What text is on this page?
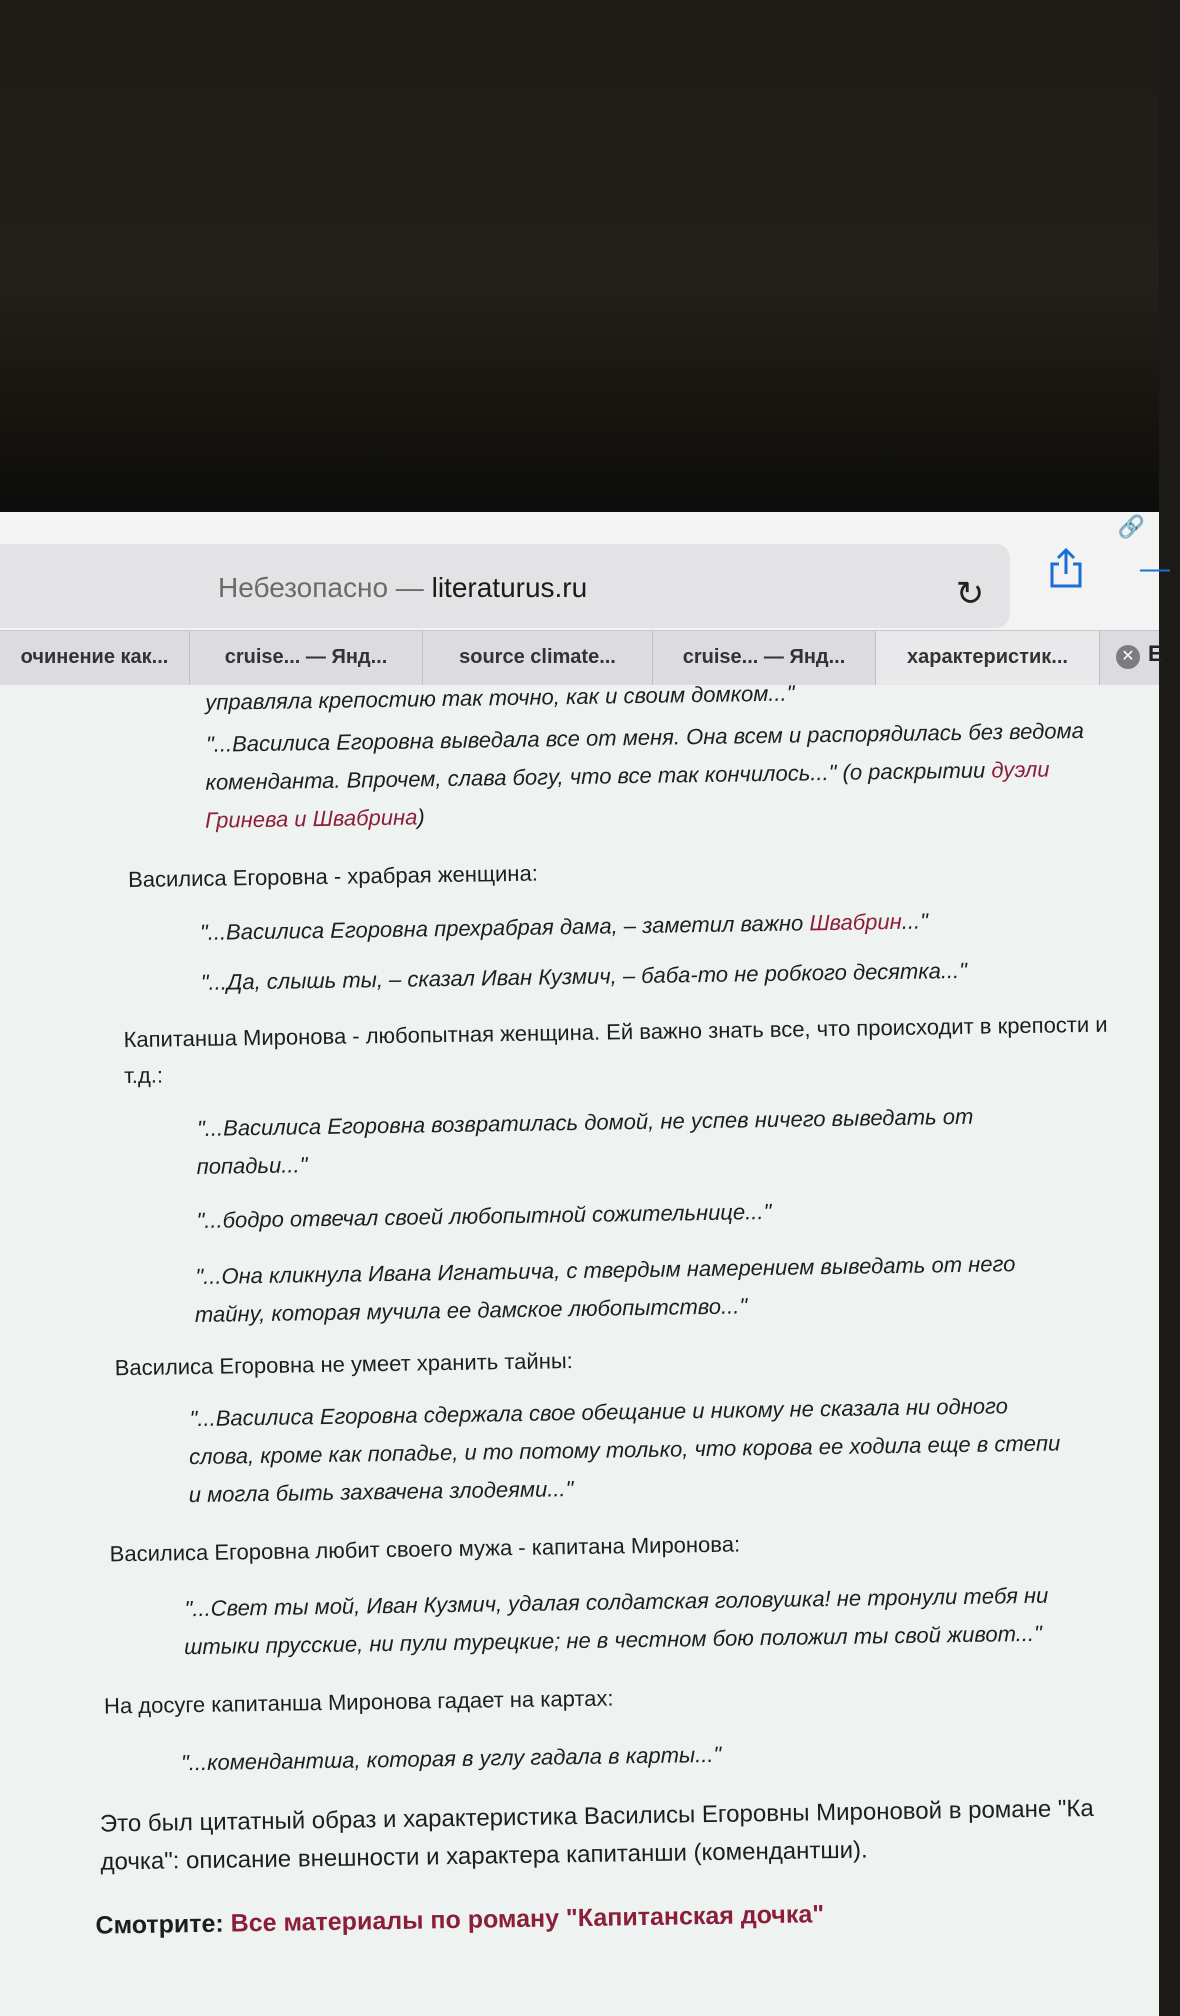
🔗
Небезопасно — literaturus.ru	↻
—
очинение как...	cruise... — Янд...	source climate...	cruise... — Янд...	характеристик...	✕ Е
управляла крепостию так точно, как и своим домком..."
"...Василиса Егоровна выведала все от меня. Она всем и распорядилась без ведома
коменданта. Впрочем, слава богу, что все так кончилось..." (о раскрытии дуэли
Гринева и Швабрина)
Василиса Егоровна - храбрая женщина:
"...Василиса Егоровна прехрабрая дама, – заметил важно Швабрин..."
"...Да, слышь ты, – сказал Иван Кузмич, – баба-то не робкого десятка..."
Капитанша Миронова - любопытная женщина. Ей важно знать все, что происходит в крепости и
т.д.:
"...Василиса Егоровна возвратилась домой, не успев ничего выведать от
попадьи..."
"...бодро отвечал своей любопытной сожительнице..."
"...Она кликнула Ивана Игнатьича, с твердым намерением выведать от него
тайну, которая мучила ее дамское любопытство..."
Василиса Егоровна не умеет хранить тайны:
"...Василиса Егоровна сдержала свое обещание и никому не сказала ни одного
слова, кроме как попадье, и то потому только, что корова ее ходила еще в степи
и могла быть захвачена злодеями..."
Василиса Егоровна любит своего мужа - капитана Миронова:
"...Свет ты мой, Иван Кузмич, удалая солдатская головушка! не тронули тебя ни
штыки прусские, ни пули турецкие; не в честном бою положил ты свой живот..."
На досуге капитанша Миронова гадает на картах:
"...комендантша, которая в углу гадала в карты..."
Это был цитатный образ и характеристика Василисы Егоровны Мироновой в романе "Ка
дочка": описание внешности и характера капитанши (комендантши).
Смотрите: Все материалы по роману "Капитанская дочка"
